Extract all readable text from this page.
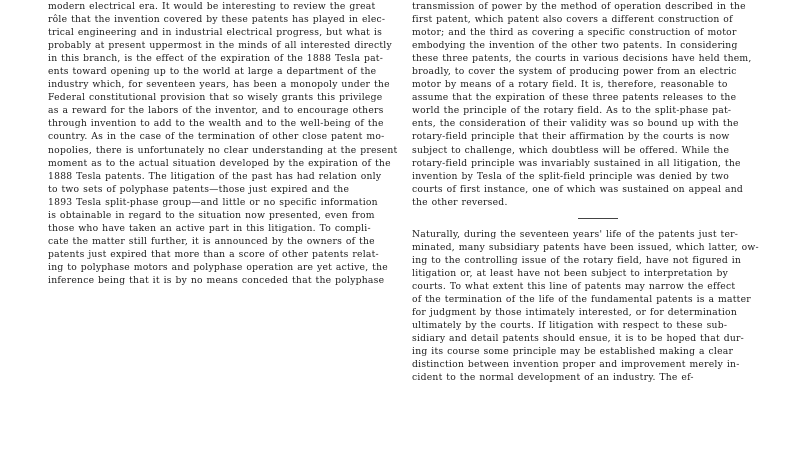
modern electrical era. It would be interesting to review the great
rôle that the invention covered by these patents has played in elec-
trical engineering and in industrial electrical progress, but what is
probably at present uppermost in the minds of all interested directly
in this branch, is the effect of the expiration of the 1888 Tesla pat-
ents toward opening up to the world at large a department of the
industry which, for seventeen years, has been a monopoly under the
Federal constitutional provision that so wisely grants this privilege
as a reward for the labors of the inventor, and to encourage others
through invention to add to the wealth and to the well-being of the
country. As in the case of the termination of other close patent mo-
nopolies, there is unfortunately no clear understanding at the present
moment as to the actual situation developed by the expiration of the
1888 Tesla patents. The litigation of the past has had relation only
to two sets of polyphase patents—those just expired and the
1893 Tesla split-phase group—and little or no specific information
is obtainable in regard to the situation now presented, even from
those who have taken an active part in this litigation. To compli-
cate the matter still further, it is announced by the owners of the
patents just expired that more than a score of other patents relat-
ing to polyphase motors and polyphase operation are yet active, the
inference being that it is by no means conceded that the polyphase

transmission of power by the method of operation described in the
first patent, which patent also covers a different construction of
motor; and the third as covering a specific construction of motor
embodying the invention of the other two patents. In considering
these three patents, the courts in various decisions have held them,
broadly, to cover the system of producing power from an electric
motor by means of a rotary field. It is, therefore, reasonable to
assume that the expiration of these three patents releases to the
world the principle of the rotary field. As to the split-phase pat-
ents, the consideration of their validity was so bound up with the
rotary-field principle that their affirmation by the courts is now
subject to challenge, which doubtless will be offered. While the
rotary-field principle was invariably sustained in all litigation, the
invention by Tesla of the split-field principle was denied by two
courts of first instance, one of which was sustained on appeal and
the other reversed.

Naturally, during the seventeen years' life of the patents just ter-
minated, many subsidiary patents have been issued, which latter, ow-
ing to the controlling issue of the rotary field, have not figured in
litigation or, at least have not been subject to interpretation by
courts. To what extent this line of patents may narrow the effect
of the termination of the life of the fundamental patents is a matter
for judgment by those intimately interested, or for determination
ultimately by the courts. If litigation with respect to these sub-
sidiary and detail patents should ensue, it is to be hoped that dur-
ing its course some principle may be established making a clear
distinction between invention proper and improvement merely in-
cident to the normal development of an industry. The ef-
